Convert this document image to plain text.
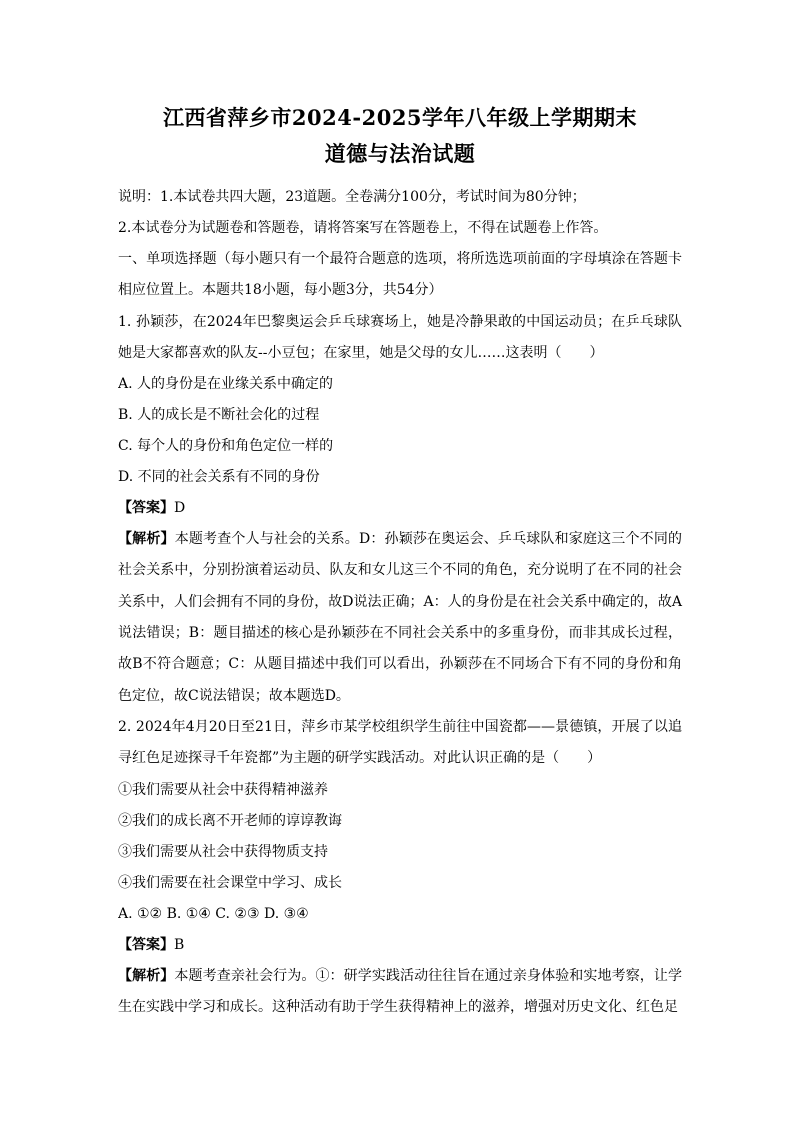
江西省萍乡市2024-2025学年八年级上学期期末
道德与法治试题

说明：1.本试卷共四大题，23道题。全卷满分100分，考试时间为80分钟；

2.本试卷分为试题卷和答题卷，请将答案写在答题卷上，不得在试题卷上作答。

一、单项选择题（每小题只有一个最符合题意的选项，将所选选项前面的字母填涂在答题卡相应位置上。本题共18小题，每小题3分，共54分）

1. 孙颖莎，在2024年巴黎奥运会乒乓球赛场上，她是冷静果敢的中国运动员；在乒乓球队她是大家都喜欢的队友--小豆包；在家里，她是父母的女儿……这表明（　　）

A. 人的身份是在业缘关系中确定的

B. 人的成长是不断社会化的过程

C. 每个人的身份和角色定位一样的

D. 不同的社会关系有不同的身份

【答案】D

【解析】本题考查个人与社会的关系。D：孙颖莎在奥运会、乒乓球队和家庭这三个不同的社会关系中，分别扮演着运动员、队友和女儿这三个不同的角色，充分说明了在不同的社会关系中，人们会拥有不同的身份，故D说法正确；A：人的身份是在社会关系中确定的，故A说法错误；B：题目描述的核心是孙颖莎在不同社会关系中的多重身份，而非其成长过程，故B不符合题意；C：从题目描述中我们可以看出，孙颖莎在不同场合下有不同的身份和角色定位，故C说法错误；故本题选D。

2. 2024年4月20日至21日，萍乡市某学校组织学生前往中国瓷都——景德镇，开展了以追寻红色足迹探寻千年瓷都”为主题的研学实践活动。对此认识正确的是（　　）

①我们需要从社会中获得精神滋养

②我们的成长离不开老师的谆谆教诲

③我们需要从社会中获得物质支持

④我们需要在社会课堂中学习、成长

A. ①② B. ①④ C. ②③ D. ③④

【答案】B

【解析】本题考查亲社会行为。①：研学实践活动往往旨在通过亲身体验和实地考察，让学生在实践中学习和成长。这种活动有助于学生获得精神上的滋养，增强对历史文化、红色足
